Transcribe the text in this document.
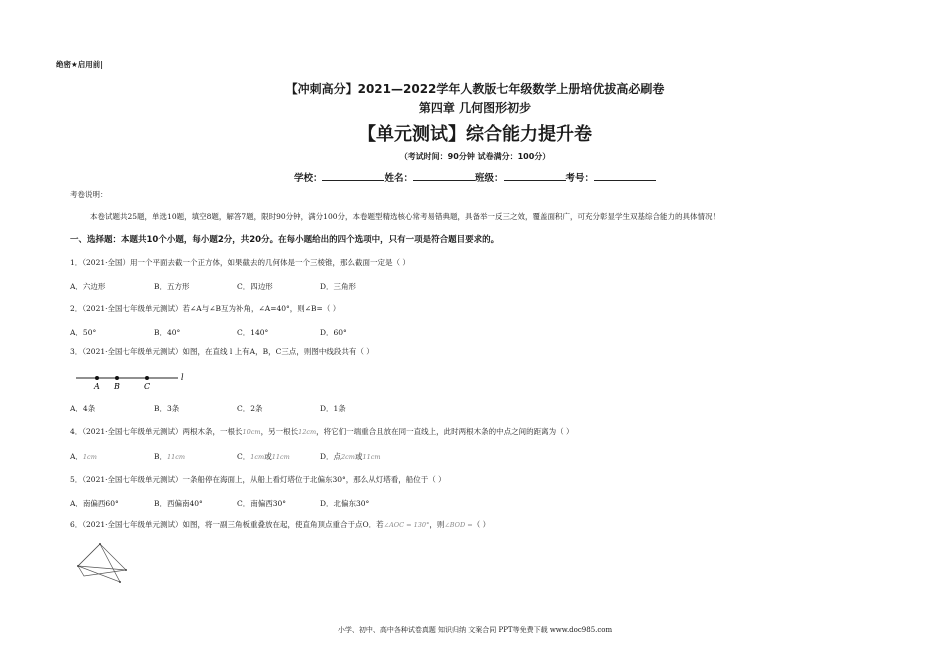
绝密★启用前|
【冲刺高分】2021—2022学年人教版七年级数学上册培优拔高必刷卷
第四章 几何图形初步
【单元测试】综合能力提升卷
（考试时间：90分钟 试卷满分：100分）
学校：	姓名：	班级：	考号：
考卷说明：
本卷试题共25题，单选10题，填空8题，解答7题，限时90分钟，满分100分，本卷题型精选核心常考易错典题，具备举一反三之效，覆盖面积广，可充分彰显学生双基综合能力的具体情况！
一、选择题：本题共10个小题，每小题2分，共20分。在每小题给出的四个选项中，只有一项是符合题目要求的。
1．（2021·全国）用一个平面去截一个正方体，如果截去的几何体是一个三棱锥，那么截面一定是（ ）
A．六边形	B．五方形	C．四边形	D．三角形
2．（2021·全国七年级单元测试）若∠A与∠B互为补角，∠A=40°，则∠B=（ ）
A．50°	B．40°	C．140°	D．60°
3．（2021·全国七年级单元测试）如图，在直线 l 上有A，B，C三点，则图中线段共有（ ）
A B	C
l
A．4条	B．3条	C．2条	D．1条
4．（2021·全国七年级单元测试）两根木条，一根长10cm，另一根长12cm，将它们一端重合且放在同一直线上，此时两根木条的中点之间的距离为（ ）
A．1cm	B．11cm	C．1cm或11cm	D．点2cm或11cm
5．（2021·全国七年级单元测试）一条船停在海面上，从船上看灯塔位于北偏东30°，那么从灯塔看，船位于（ ）
A．南偏西60°	B．西偏南40°	C．南偏西30°	D．北偏东30°
6．（2021·全国七年级单元测试）如图，将一副三角板重叠放在起，使直角顶点重合于点O．若∠AOC = 130°，则∠BOD =（ ）
小学、初中、高中各种试卷真题 知识归纳 文案合同 PPT等免费下载 www.doc985.com
